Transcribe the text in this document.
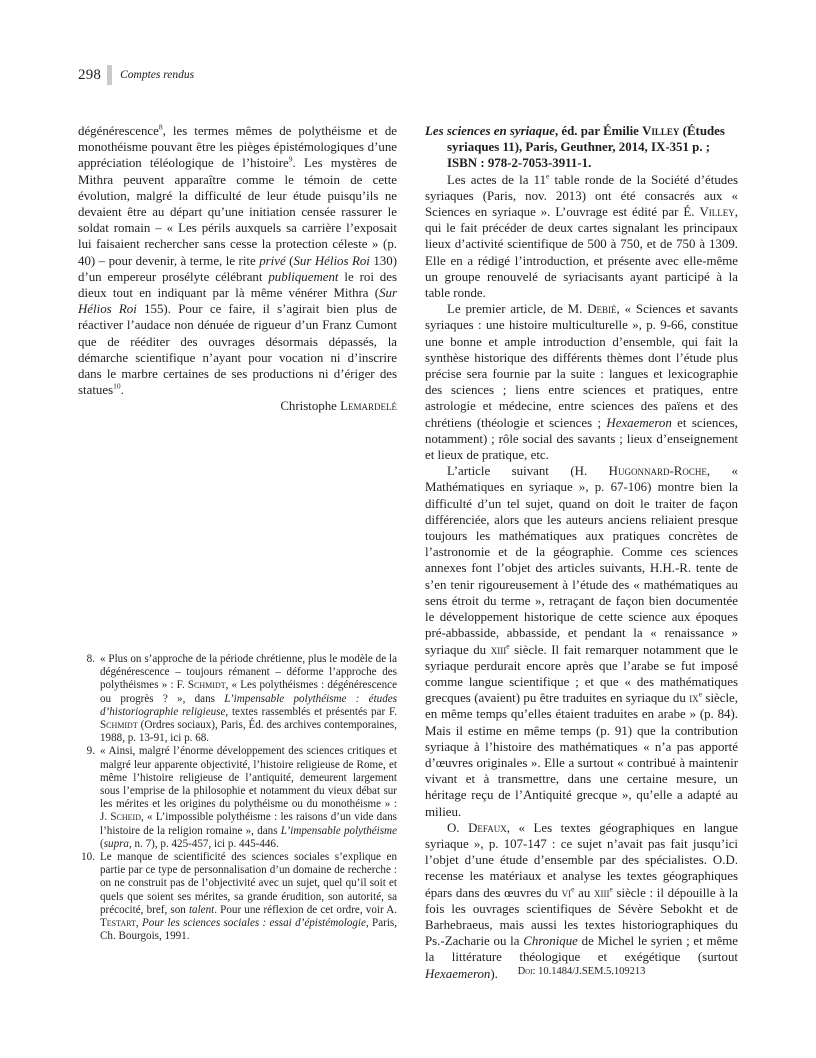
298 Comptes rendus

dégénérescence$^8$, les termes mêmes de polythéisme et de monothéisme pouvant être les pièges épistémologiques d’une appréciation téléologique de l’histoire$^9$. Les mystères de Mithra peuvent apparaître comme le témoin de cette évolution, malgré la difficulté de leur étude puisqu’ils ne devaient être au départ qu’une initiation censée rassurer le soldat romain – « Les périls auxquels sa carrière l’exposait lui faisaient rechercher sans cesse la protection céleste » (p. 40) – pour devenir, à terme, le rite privé (Sur Hélios Roi 130) d’un empereur prosélyte célébrant publiquement le roi des dieux tout en indiquant par là même vénérer Mithra (Sur Hélios Roi 155). Pour ce faire, il s’agirait bien plus de réactiver l’audace non dénuée de rigueur d’un Franz Cumont que de rééditer des ouvrages désormais dépassés, la démarche scientifique n’ayant pour vocation ni d’inscrire dans le marbre certaines de ses productions ni d’ériger des statues$^{10}$.

Christophe Lemardelé

8. « Plus on s’approche de la période chrétienne, plus le modèle de la dégénérescence – toujours rémanent – déforme l’approche des polythéismes » : F. Schmidt, « Les polythéismes : dégénérescence ou progrès ? », dans L’impensable polythéisme : études d’historiographie religieuse, textes rassemblés et présentés par F. Schmidt (Ordres sociaux), Paris, Éd. des archives contemporaines, 1988, p. 13-91, ici p. 68.
9. « Ainsi, malgré l’énorme développement des sciences critiques et malgré leur apparente objectivité, l’histoire religieuse de Rome, et même l’histoire religieuse de l’antiquité, demeurent largement sous l’emprise de la philosophie et notamment du vieux débat sur les mérites et les origines du polythéisme ou du monothéisme » : J. Scheid, « L’impossible polythéisme : les raisons d’un vide dans l’histoire de la religion romaine », dans L’impensable polythéisme (supra, n. 7), p. 425-457, ici p. 445-446.
10. Le manque de scientificité des sciences sociales s’explique en partie par ce type de personnalisation d’un domaine de recherche : on ne construit pas de l’objectivité avec un sujet, quel qu’il soit et quels que soient ses mérites, sa grande érudition, son autorité, sa précocité, bref, son talent. Pour une réflexion de cet ordre, voir A. Testart, Pour les sciences sociales : essai d’épistémologie, Paris, Ch. Bourgois, 1991.

Les sciences en syriaque, éd. par Émilie Villey (Études syriaques 11), Paris, Geuthner, 2014, IX-351 p. ; ISBN : 978-2-7053-3911-1.

Les actes de la 11e table ronde de la Société d’études syriaques (Paris, nov. 2013) ont été consacrés aux « Sciences en syriaque ». L’ouvrage est édité par É. Villey, qui le fait précéder de deux cartes signalant les principaux lieux d’activité scientifique de 500 à 750, et de 750 à 1309. Elle en a rédigé l’introduction, et présente avec elle-même un groupe renouvelé de syriacisants ayant participé à la table ronde.

Le premier article, de M. Debié, « Sciences et savants syriaques : une histoire multiculturelle », p. 9-66, constitue une bonne et ample introduction d’ensemble, qui fait la synthèse historique des différents thèmes dont l’étude plus précise sera fournie par la suite : langues et lexicographie des sciences ; liens entre sciences et pratiques, entre astrologie et médecine, entre sciences des païens et des chrétiens (théologie et sciences ; Hexaemeron et sciences, notamment) ; rôle social des savants ; lieux d’enseignement et lieux de pratique, etc.

L’article suivant (H. Hugonnard-Roche, « Mathématiques en syriaque », p. 67-106) montre bien la difficulté d’un tel sujet, quand on doit le traiter de façon différenciée, alors que les auteurs anciens reliaient presque toujours les mathématiques aux pratiques concrètes de l’astronomie et de la géographie. Comme ces sciences annexes font l’objet des articles suivants, H.H.-R. tente de s’en tenir rigoureusement à l’étude des « mathématiques au sens étroit du terme », retraçant de façon bien documentée le développement historique de cette science aux époques pré-abbasside, abbasside, et pendant la « renaissance » syriaque du xiii$^e$ siècle. Il fait remarquer notamment que le syriaque perdurait encore après que l’arabe se fut imposé comme langue scientifique ; et que « des mathématiques grecques (avaient) pu être traduites en syriaque du $ix^e$ siècle, en même temps qu’elles étaient traduites en arabe » (p. 84). Mais il estime en même temps (p. 91) que la contribution syriaque à l’histoire des mathématiques « n’a pas apporté d’œuvres originales ». Elle a surtout « contribué à maintenir vivant et à transmettre, dans une certaine mesure, un héritage reçu de l’Antiquité grecque », qu’elle a adapté au milieu.

O. Defaux, « Les textes géographiques en langue syriaque », p. 107-147 : ce sujet n’avait pas fait jusqu’ici l’objet d’une étude d’ensemble par des spécialistes. O.D. recense les matériaux et analyse les textes géographiques épars dans des œuvres du $vi^e$ au xiii$^e$ siècle : il dépouille à la fois les ouvrages scientifiques de Sévère Sebokht et de Barhebraeus, mais aussi les textes historiographiques du Ps.-Zacharie ou la Chronique de Michel le syrien ; et même la littérature théologique et exégétique (surtout Hexaemeron).	Doi: 10.1484/J.SEM.5.109213
